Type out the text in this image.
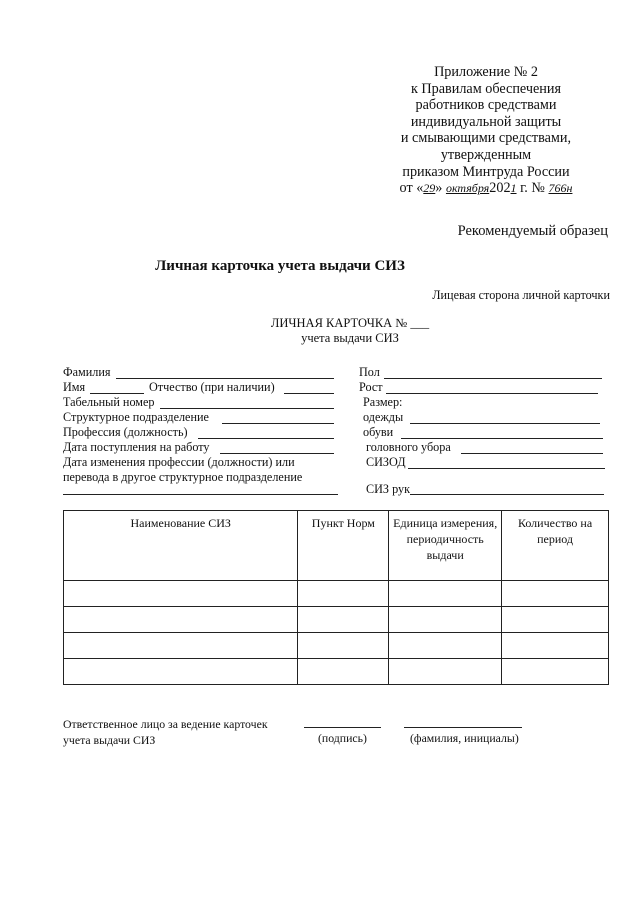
Приложение № 2
к Правилам обеспечения
работников средствами
индивидуальной защиты
и смывающими средствами,
утвержденным
приказом Минтруда России
от «29» октября2021 г. № 766н
Рекомендуемый образец
Личная карточка учета выдачи СИЗ
Лицевая сторона личной карточки
ЛИЧНАЯ КАРТОЧКА № ___
учета выдачи СИЗ
Фамилия
Имя	Отчество (при наличии)
Табельный номер
Структурное подразделение
Профессия (должность)
Дата поступления на работу
Дата изменения профессии (должности) или
перевода в другое структурное подразделение
Пол
Рост
Размер:
одежды
обуви
головного убора
СИЗОД
СИЗ рук
Наименование СИЗ	Пункт Норм	Единица измерения, периодичность выдачи	Количество на период

Ответственное лицо за ведение карточек
учета выдачи СИЗ	(подпись)	(фамилия, инициалы)
